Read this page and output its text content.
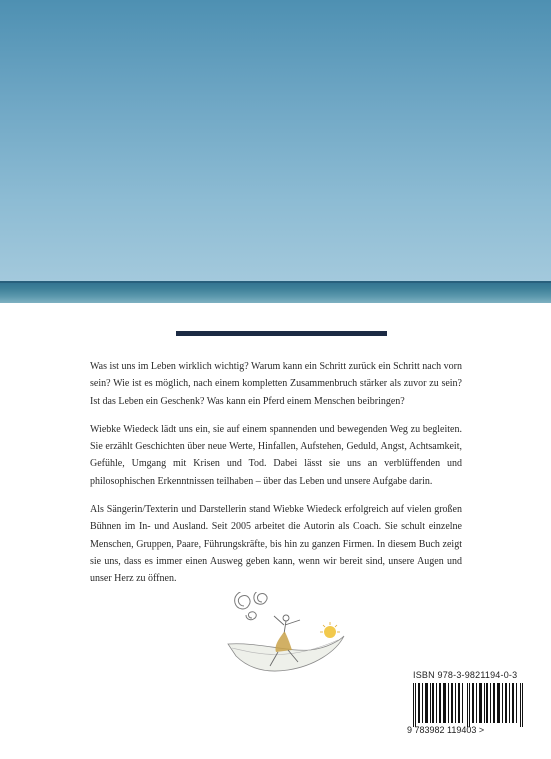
Was ist uns im Leben wirklich wichtig? Warum kann ein Schritt zurück ein Schritt nach vorn sein? Wie ist es möglich, nach einem kompletten Zusammenbruch stärker als zuvor zu sein? Ist das Leben ein Geschenk? Was kann ein Pferd einem Menschen beibringen?

Wiebke Wiedeck lädt uns ein, sie auf einem spannenden und bewegenden Weg zu begleiten. Sie erzählt Geschichten über neue Werte, Hinfallen, Aufstehen, Geduld, Angst, Achtsamkeit, Gefühle, Umgang mit Krisen und Tod. Dabei lässt sie uns an verblüffenden und philosophischen Erkenntnissen teilhaben – über das Leben und unsere Aufgabe darin.

Als Sängerin/Texterin und Darstellerin stand Wiebke Wiedeck erfolgreich auf vielen großen Bühnen im In- und Ausland. Seit 2005 arbeitet die Autorin als Coach. Sie schult einzelne Menschen, Gruppen, Paare, Führungskräfte, bis hin zu ganzen Firmen. In diesem Buch zeigt sie uns, dass es immer einen Ausweg geben kann, wenn wir bereit sind, unsere Augen und unser Herz zu öffnen.

ISBN 978-3-9821194-0-3
9 783982 119403 >
